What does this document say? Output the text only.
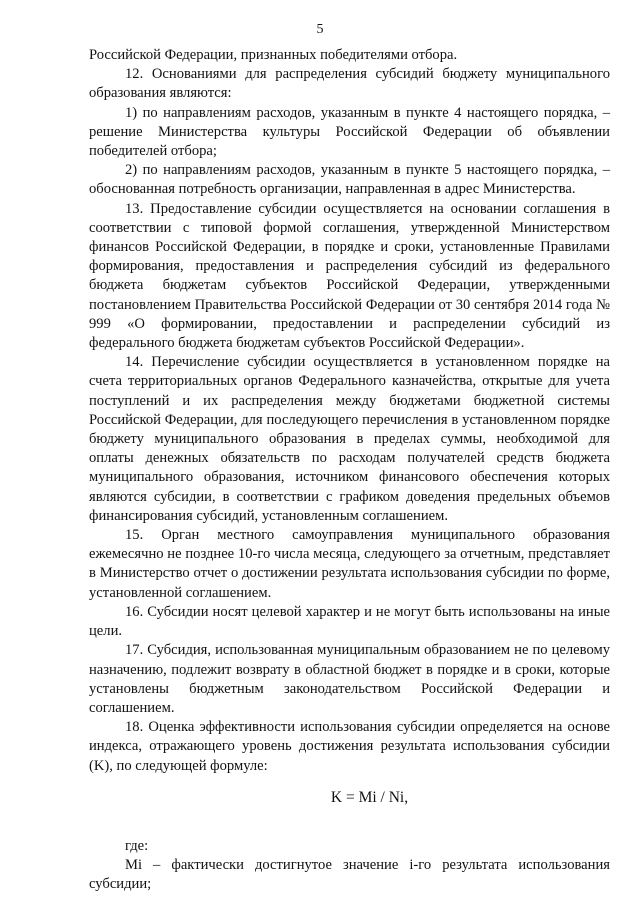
5

Российской Федерации, признанных победителями отбора.

12. Основаниями для распределения субсидий бюджету муниципального образования являются:

1) по направлениям расходов, указанным в пункте 4 настоящего порядка, – решение Министерства культуры Российской Федерации об объявлении победителей отбора;

2) по направлениям расходов, указанным в пункте 5 настоящего порядка, – обоснованная потребность организации, направленная в адрес Министерства.

13. Предоставление субсидии осуществляется на основании соглашения в соответствии с типовой формой соглашения, утвержденной Министерством финансов Российской Федерации, в порядке и сроки, установленные Правилами формирования, предоставления и распределения субсидий из федерального бюджета бюджетам субъектов Российской Федерации, утвержденными постановлением Правительства Российской Федерации от 30 сентября 2014 года № 999 «О формировании, предоставлении и распределении субсидий из федерального бюджета бюджетам субъектов Российской Федерации».

14. Перечисление субсидии осуществляется в установленном порядке на счета территориальных органов Федерального казначейства, открытые для учета поступлений и их распределения между бюджетами бюджетной системы Российской Федерации, для последующего перечисления в установленном порядке бюджету муниципального образования в пределах суммы, необходимой для оплаты денежных обязательств по расходам получателей средств бюджета муниципального образования, источником финансового обеспечения которых являются субсидии, в соответствии с графиком доведения предельных объемов финансирования субсидий, установленным соглашением.

15. Орган местного самоуправления муниципального образования ежемесячно не позднее 10-го числа месяца, следующего за отчетным, представляет в Министерство отчет о достижении результата использования субсидии по форме, установленной соглашением.

16. Субсидии носят целевой характер и не могут быть использованы на иные цели.

17. Субсидия, использованная муниципальным образованием не по целевому назначению, подлежит возврату в областной бюджет в порядке и в сроки, которые установлены бюджетным законодательством Российской Федерации и соглашением.

18. Оценка эффективности использования субсидии определяется на основе индекса, отражающего уровень достижения результата использования субсидии (K), по следующей формуле:

K = Mi / Ni,

где:

Mi – фактически достигнутое значение i-го результата использования субсидии;
